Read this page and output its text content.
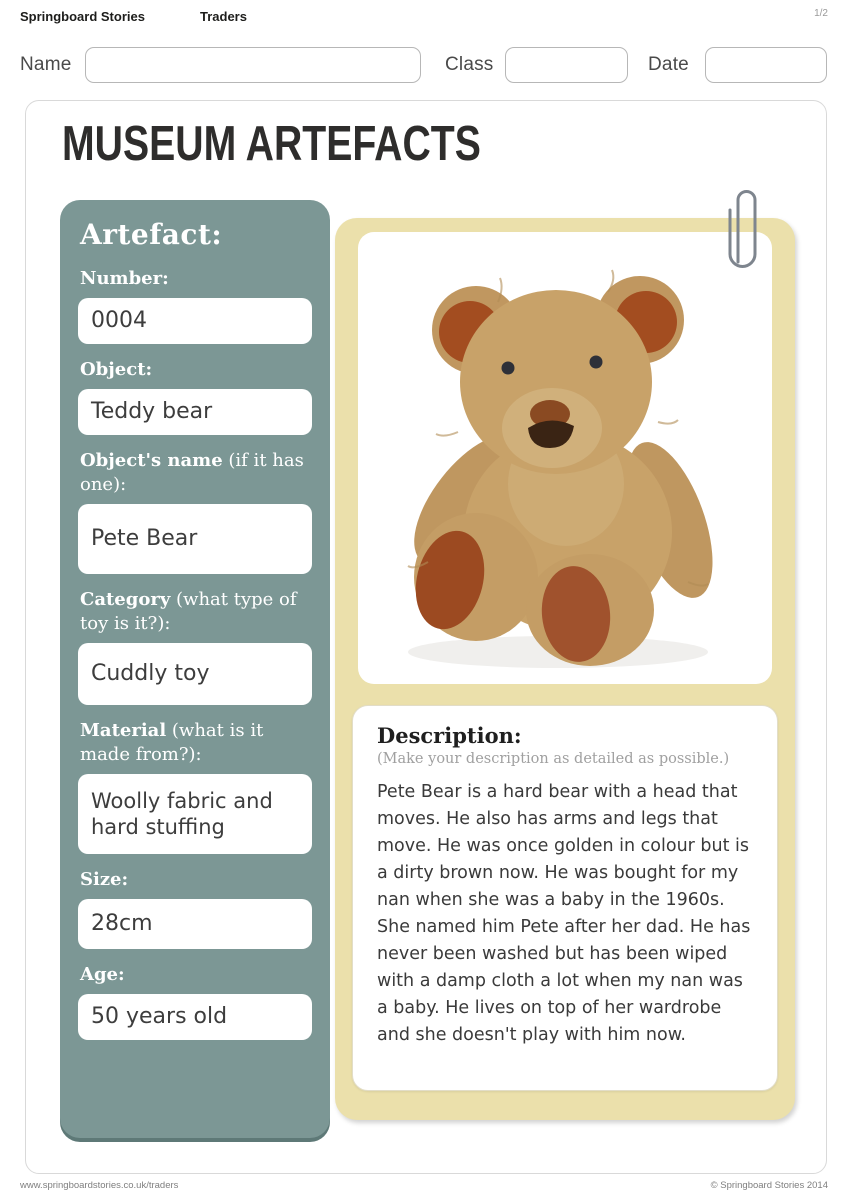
Springboard Stories	Traders	1/2
Name	Class	Date
MUSEUM ARTEFACTS
Artefact:
Number:
0004
Object:
Teddy bear
Object's name (if it has one):
Pete Bear
Category (what type of toy is it?):
Cuddly toy
Material (what is it made from?):
Woolly fabric and hard stuffing
Size:
28cm
Age:
50 years old

Description:

(Make your description as detailed as possible.)

Pete Bear is a hard bear with a head that moves. He also has arms and legs that move. He was once golden in colour but is a dirty brown now. He was bought for my nan when she was a baby in the 1960s. She named him Pete after her dad. He has never been washed but has been wiped with a damp cloth a lot when my nan was a baby. He lives on top of her wardrobe and she doesn't play with him now.

www.springboardstories.co.uk/traders	© Springboard Stories 2014
